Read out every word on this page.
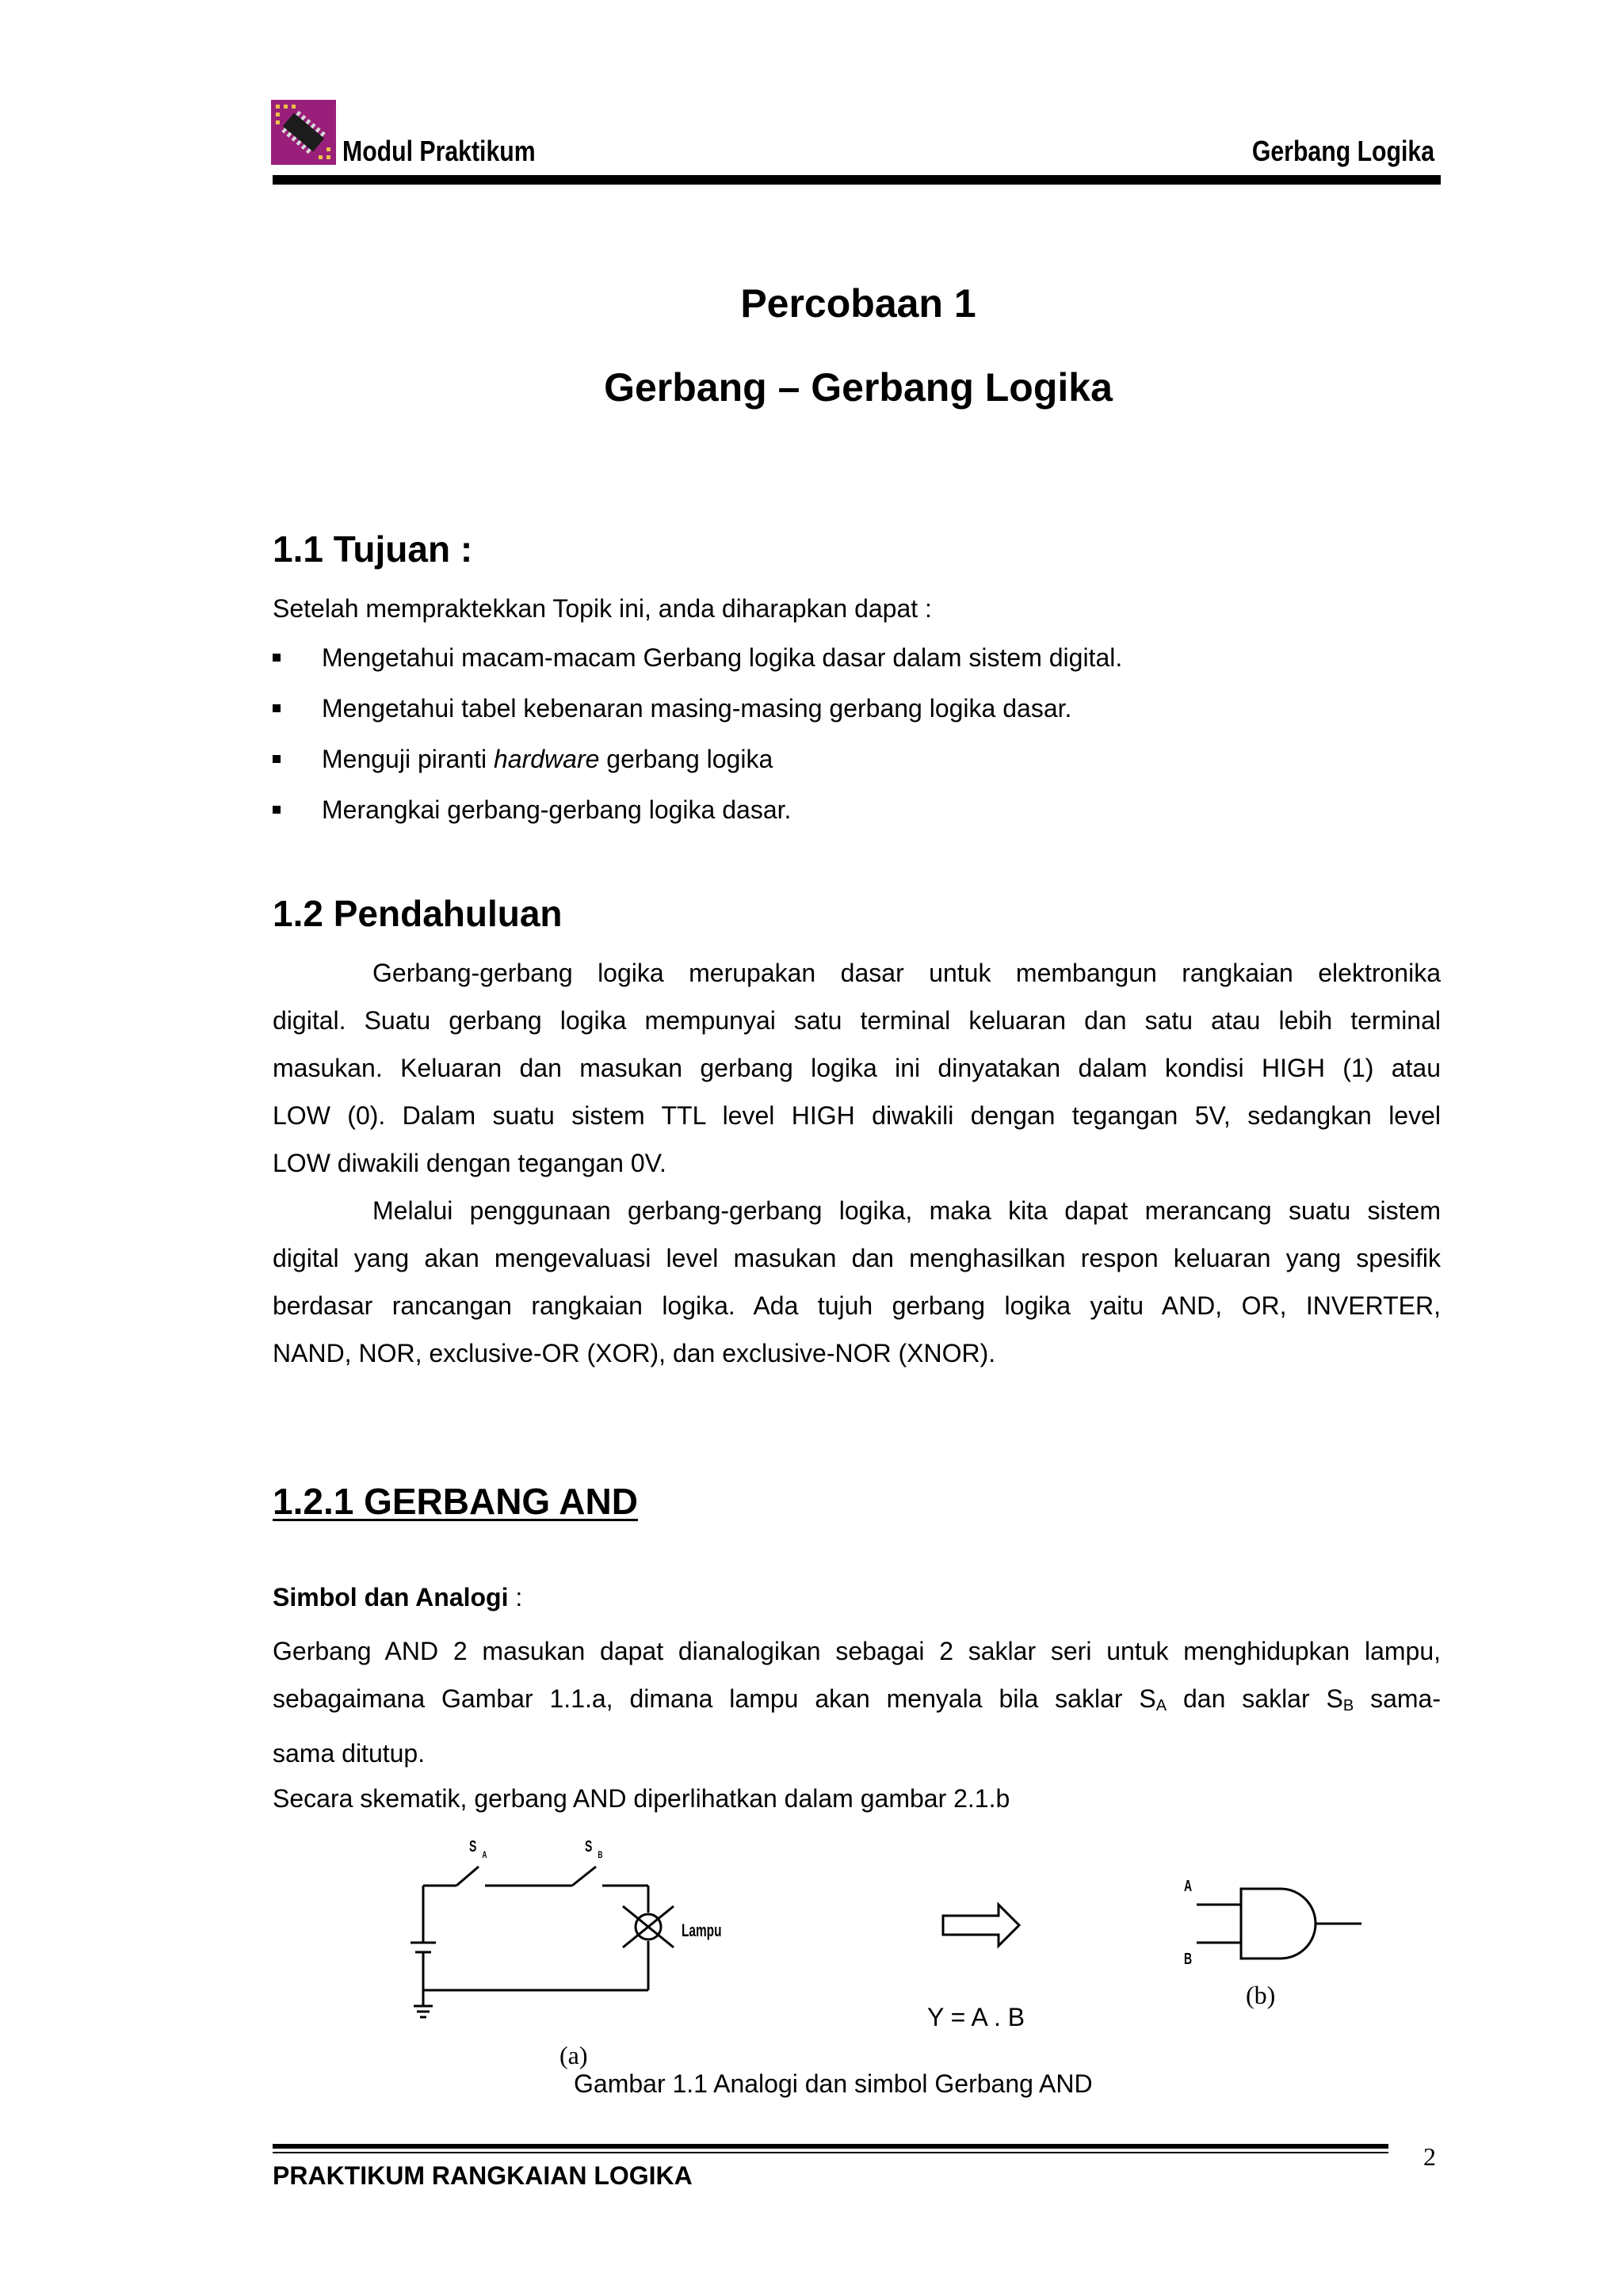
Modul Praktikum	Gerbang Logika
Percobaan 1
Gerbang – Gerbang Logika
1.1 Tujuan :
Setelah mempraktekkan Topik ini, anda diharapkan dapat :
Mengetahui macam-macam Gerbang logika dasar dalam sistem digital.
Mengetahui tabel kebenaran masing-masing gerbang logika dasar.
Menguji piranti hardware gerbang logika
Merangkai gerbang-gerbang logika dasar.
1.2 Pendahuluan
Gerbang-gerbang logika merupakan dasar untuk membangun rangkaian elektronika
digital. Suatu gerbang logika mempunyai satu terminal keluaran dan satu atau lebih terminal
masukan. Keluaran dan masukan gerbang logika ini dinyatakan dalam kondisi HIGH (1) atau
LOW (0). Dalam suatu sistem TTL level HIGH diwakili dengan tegangan 5V, sedangkan level
LOW diwakili dengan tegangan 0V.
Melalui penggunaan gerbang-gerbang logika, maka kita dapat merancang suatu sistem
digital yang akan mengevaluasi level masukan dan menghasilkan respon keluaran yang spesifik
berdasar rancangan rangkaian logika. Ada tujuh gerbang logika yaitu AND, OR, INVERTER,
NAND, NOR, exclusive-OR (XOR), dan exclusive-NOR (XNOR).
1.2.1 GERBANG AND
Simbol dan Analogi :
Gerbang AND 2 masukan dapat dianalogikan sebagai 2 saklar seri untuk menghidupkan lampu,
sebagaimana Gambar 1.1.a, dimana lampu akan menyala bila saklar $S_A$ dan saklar $S_B$ sama-
sama ditutup.
Secara skematik, gerbang AND diperlihatkan dalam gambar 2.1.b
S $_A$	S $_B$
Lampu
A
B
Y = A . B
(a)
(b)
Gambar 1.1 Analogi dan simbol Gerbang AND
PRAKTIKUM RANGKAIAN LOGIKA
2
